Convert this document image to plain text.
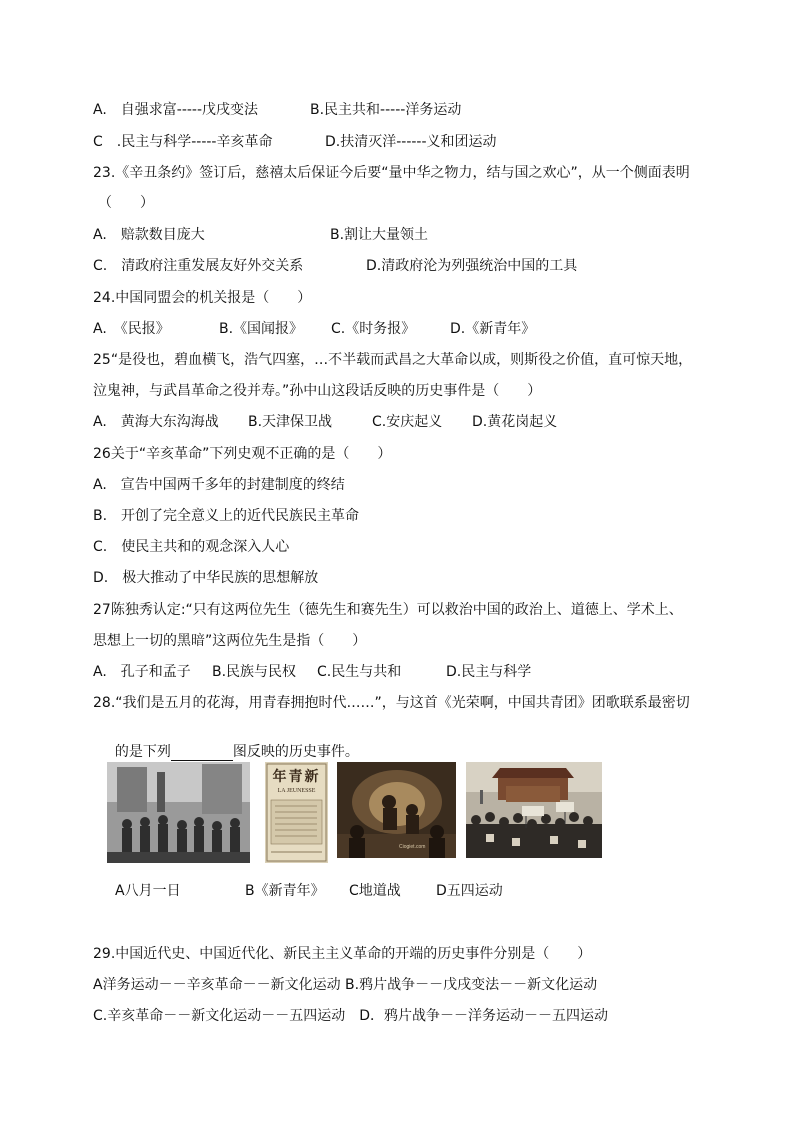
A.　自强求富-----戊戌变法	B.民主共和-----洋务运动
C　.民主与科学-----辛亥革命	D.扶清灭洋------义和团运动
23.《辛丑条约》签订后，慈禧太后保证今后要“量中华之物力，结与国之欢心”，从一个侧面表明
（　　）
A.　赔款数目庞大	B.割让大量领土
C.　清政府注重发展友好外交关系	D.清政府沦为列强统治中国的工具
24.中国同盟会的机关报是（　　）
A.　《民报》	B.《国闻报》 C.《时务报》 D.《新青年》
25“是役也，碧血横飞，浩气四塞，…不半载而武昌之大革命以成，则斯役之价值，直可惊天地，
泣鬼神，与武昌革命之役并寿。”孙中山这段话反映的历史事件是（　　）
A.　黄海大东沟海战 B.天津保卫战	C.安庆起义 D.黄花岗起义
26关于“辛亥革命”下列史观不正确的是（　　）
A.　宣告中国两千多年的封建制度的终结
B.　开创了完全意义上的近代民族民主革命
C.　使民主共和的观念深入人心
D.　极大推动了中华民族的思想解放
27陈独秀认定:“只有这两位先生（德先生和赛先生）可以救治中国的政治上、道德上、学术上、
思想上一切的黑暗”这两位先生是指（　　）
A.　孔子和孟子 B.民族与民权 C.民生与共和	D.民主与科学
28.“我们是五月的花海，用青春拥抱时代……”，与这首《光荣啊，中国共青团》团歌联系最密切

的是下列	图反映的历史事件。

年青新
LA JEUNESSE
Ciogiet.com
A八月一日	B《新青年》 C地道战	D五四运动
29.中国近代史、中国近代化、新民主主义革命的开端的历史事件分别是（　　）
A洋务运动－－辛亥革命－－新文化运动 B.鸦片战争－－戊戌变法－－新文化运动
C.辛亥革命－－新文化运动－－五四运动　D．鸦片战争－－洋务运动－－五四运动
